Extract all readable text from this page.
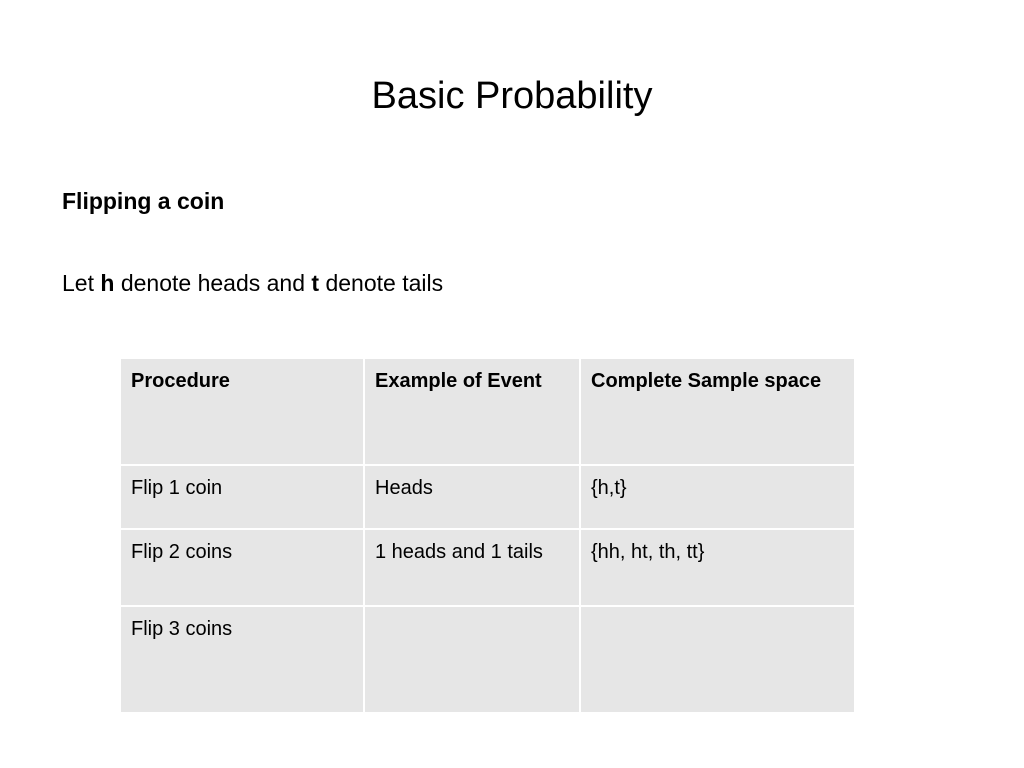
Basic Probability
Flipping a coin
Let h denote heads and t denote tails
Procedure	Example of Event	Complete Sample space
Flip 1 coin	Heads	{h,t}
Flip 2 coins	1 heads and 1 tails	{hh, ht, th, tt}
Flip 3 coins		
